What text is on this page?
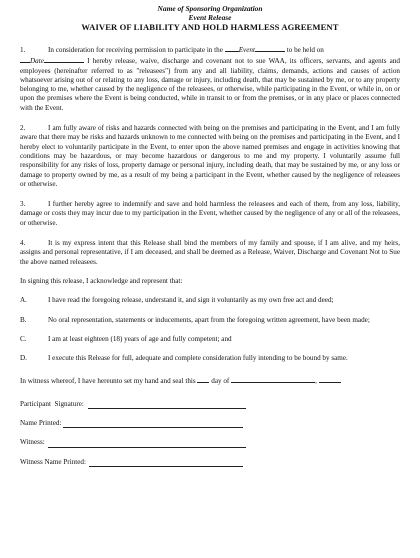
Name of Sponsoring Organization
Event Release
WAIVER OF LIABILITY AND HOLD HARMLESS AGREEMENT
1.	In consideration for receiving permission to participate in the Event	to be held on
Date	I hereby release, waive, discharge and covenant not to sue WAA, its officers, servants, and agents and employees (hereinafter referred to as "releasees") from any and all liability, claims, demands, actions and causes of action whatsoever arising out of or relating to any loss, damage or injury, including death, that may be sustained by me, or to any property belonging to me, whether caused by the negligence of the releasees, or otherwise, while participating in the Event, or while in, on or upon the premises where the Event is being conducted, while in transit to or from the premises, or in any place or places connected with the Event.
2.	I am fully aware of risks and hazards connected with being on the premises and participating in the Event, and I am fully aware that there may be risks and hazards unknown to me connected with being on the premises and participating in the Event, and I hereby elect to voluntarily participate in the Event, to enter upon the above named premises and engage in activities knowing that conditions may be hazardous, or may become hazardous or dangerous to me and my property. I voluntarily assume full responsibility for any risks of loss, property damage or personal injury, including death, that may be sustained by me, or any loss or damage to property owned by me, as a result of my being a participant in the Event, whether caused by the negligence of releasees or otherwise.
3.	I further hereby agree to indemnify and save and hold harmless the releasees and each of them, from any loss, liability, damage or costs they may incur due to my participation in the Event, whether caused by the negligence of any or all of the releasees, or otherwise.
4.	It is my express intent that this Release shall bind the members of my family and spouse, if I am alive, and my heirs, assigns and personal representative, if I am deceased, and shall be deemed as a Release, Waiver, Discharge and Covenant Not to Sue the above named releasees.
In signing this release, I acknowledge and represent that:
A.	I have read the foregoing release, understand it, and sign it voluntarily as my own free act and deed;
B.	No oral representation, statements or inducements, apart from the foregoing written agreement, have been made;
C.	I am at least eighteen (18) years of age and fully competent; and
D.	I execute this Release for full, adequate and complete consideration fully intending to be bound by same.
In witness whereof, I have hereunto set my hand and seal this  day of	,
Participant  Signature:
Name Printed:
Witness:
Witness Name Printed:
